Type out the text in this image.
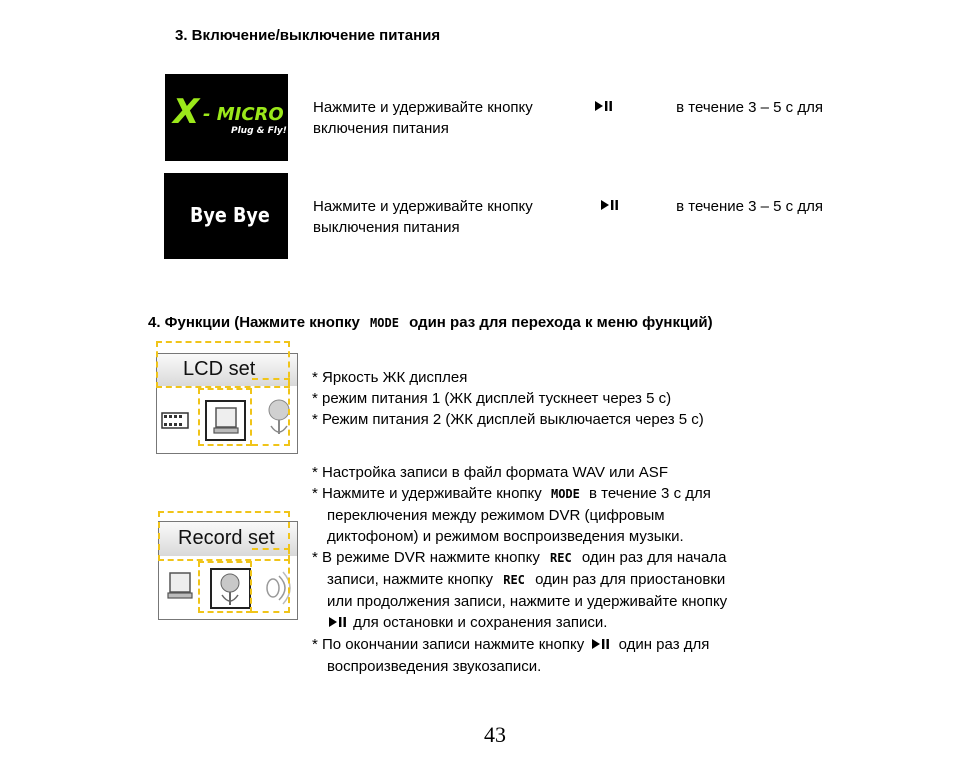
3. Включение/выключение питания
X - MICRO
Plug & Fly!
Нажмите и удерживайте кнопку	в течение 3 – 5 с для
включения питания
Bye Bye	Нажмите и удерживайте кнопку	в течение 3 – 5 с для
выключения питания
4. Функции (Нажмите кнопку MODE один раз для перехода к меню функций)
LCD set	* Яркость ЖК дисплея
* режим питания 1 (ЖК дисплей тускнеет через 5 с)
* Режим питания 2 (ЖК дисплей выключается через 5 с)
Record set
* Настройка записи в файл формата WAV или ASF
* Нажмите и удерживайте кнопку MODE в течение 3 с для
переключения между режимом DVR (цифровым
диктофоном) и режимом воспроизведения музыки.
* В режиме DVR нажмите кнопку REC один раз для начала
записи, нажмите кнопку REC один раз для приостановки
или продолжения записи, нажмите и удерживайте кнопку
для остановки и сохранения записи.
* По окончании записи нажмите кнопку один раз для
воспроизведения звукозаписи.
43
